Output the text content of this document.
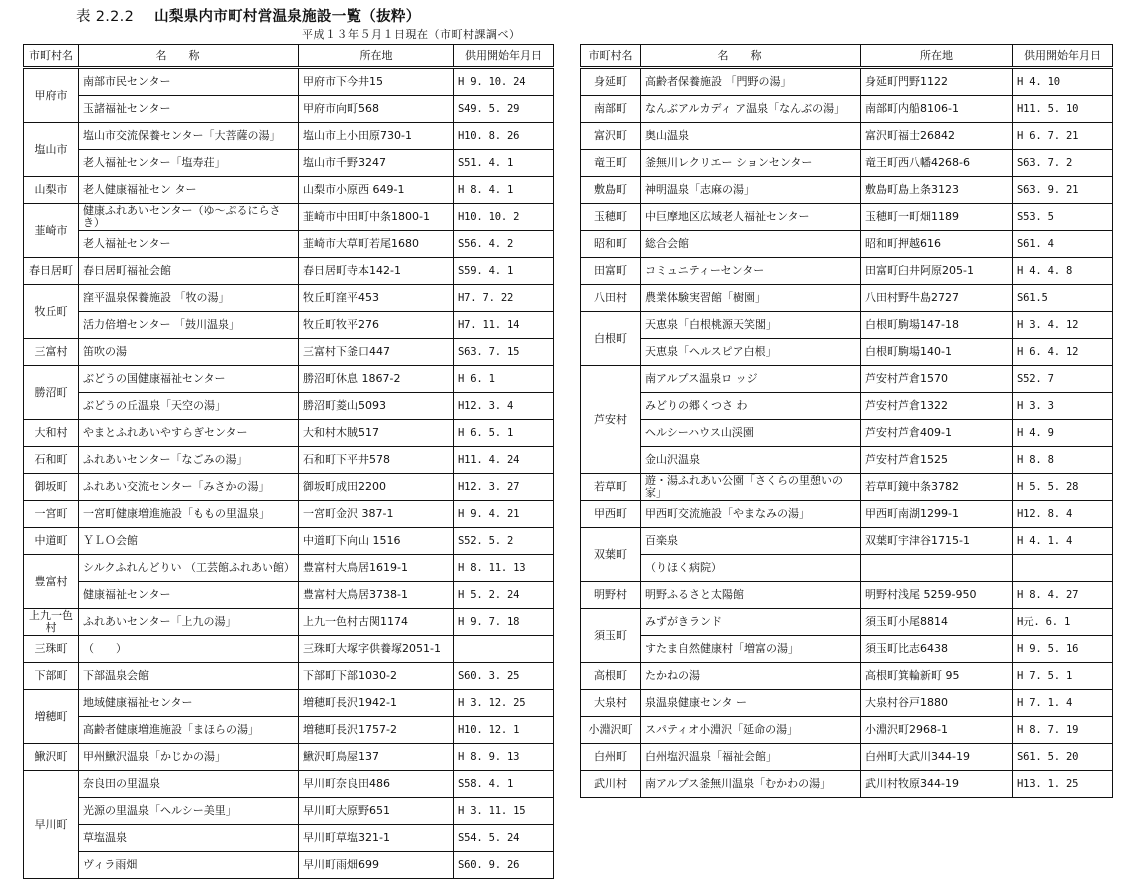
表 2.2.2 山梨県内市町村営温泉施設一覧（抜粋）
平成１３年５月１日現在（市町村課調べ）
市町村名	名称	所在地	供用開始年月日
甲府市	南部市民センター	甲府市下今井15	H 9. 10. 24
	玉諸福祉センター	甲府市向町568	S49. 5. 29
塩山市	塩山市交流保養センター「大菩薩の湯」	塩山市上小田原730-1	H10. 8. 26
	老人福祉センター「塩寿荘」	塩山市千野3247	S51. 4. 1
山梨市	老人健康福祉セン ター	山梨市小原西 649-1	H 8. 4. 1
韮崎市	健康ふれあいセンター（ゆ～ぷるにらさき）	韮崎市中田町中条1800-1	H10. 10. 2
	老人福祉センター	韮崎市大草町若尾1680	S56. 4. 2
春日居町	春日居町福祉会館	春日居町寺本142-1	S59. 4. 1
牧丘町	窪平温泉保養施設 「牧の湯」	牧丘町窪平453	H7. 7. 22
	活力倍増センター 「鼓川温泉」	牧丘町牧平276	H7. 11. 14
三富村	笛吹の湯	三富村下釜口447	S63. 7. 15
勝沼町	ぶどうの国健康福祉センター	勝沼町休息 1867-2	H 6. 1
	ぶどうの丘温泉「天空の湯」	勝沼町菱山5093	H12. 3. 4
大和村	やまとふれあいやすらぎセンター	大和村木賊517	H 6. 5. 1
石和町	ふれあいセンター「なごみの湯」	石和町下平井578	H11. 4. 24
御坂町	ふれあい交流センター「みさかの湯」	御坂町成田2200	H12. 3. 27
一宮町	一宮町健康増進施設「ももの里温泉」	一宮町金沢 387-1	H 9. 4. 21
中道町	ＹＬＯ会館	中道町下向山 1516	S52. 5. 2
豊富村	シルクふれんどりい （工芸館ふれあい館）	豊富村大鳥居1619-1	H 8. 11. 13
	健康福祉センター	豊富村大鳥居3738-1	H 5. 2. 24
上九一色村	ふれあいセンター「上九の湯」	上九一色村古関1174	H 9. 7. 18
三珠町	（　　）	三珠町大塚字供養塚2051-1	
下部町	下部温泉会館	下部町下部1030-2	S60. 3. 25
増穂町	地域健康福祉センター	増穂町長沢1942-1	H 3. 12. 25
	高齢者健康増進施設「まほらの湯」	増穂町長沢1757-2	H10. 12. 1
鰍沢町	甲州鰍沢温泉「かじかの湯」	鰍沢町鳥屋137	H 8. 9. 13
早川町	奈良田の里温泉	早川町奈良田486	S58. 4. 1
	光源の里温泉「ヘルシー美里」	早川町大原野651	H 3. 11. 15
	草塩温泉	早川町草塩321-1	S54. 5. 24
	ヴィラ雨畑	早川町雨畑699	S60. 9. 26
市町村名	名称	所在地	供用開始年月日
身延町	高齢者保養施設 「門野の湯」	身延町門野1122	H 4. 10
南部町	なんぶアルカディ ア温泉「なんぶの湯」	南部町内船8106-1	H11. 5. 10
富沢町	奥山温泉	富沢町福士26842	H 6. 7. 21
竜王町	釜無川レクリエー ションセンター	竜王町西八幡4268-6	S63. 7. 2
敷島町	神明温泉「志麻の湯」	敷島町島上条3123	S63. 9. 21
玉穂町	中巨摩地区広域老人福祉センター	玉穂町一町畑1189	S53. 5
昭和町	総合会館	昭和町押越616	S61. 4
田富町	コミュニティーセンター	田富町臼井阿原205-1	H 4. 4. 8
八田村	農業体験実習館「樹園」	八田村野牛島2727	S61.5
白根町	天恵泉「白根桃源天笑閣」	白根町駒場147-18	H 3. 4. 12
	天恵泉「ヘルスピア白根」	白根町駒場140-1	H 6. 4. 12
芦安村	南アルプス温泉ロ ッジ	芦安村芦倉1570	S52. 7
	みどりの郷くつさ わ	芦安村芦倉1322	H 3. 3
	ヘルシーハウス山渓園	芦安村芦倉409-1	H 4. 9
	金山沢温泉	芦安村芦倉1525	H 8. 8
若草町	遊・湯ふれあい公園「さくらの里憩いの家」	若草町鏡中条3782	H 5. 5. 28
甲西町	甲西町交流施設「やまなみの湯」	甲西町南湖1299-1	H12. 8. 4
双葉町	百楽泉	双葉町宇津谷1715-1	H 4. 1. 4
	（りほく病院）		
明野村	明野ふるさと太陽館	明野村浅尾 5259-950	H 8. 4. 27
須玉町	みずがきランド	須玉町小尾8814	H元. 6. 1
	すたま自然健康村「増富の湯」	須玉町比志6438	H 9. 5. 16
高根町	たかねの湯	高根町箕輪新町 95	H 7. 5. 1
大泉村	泉温泉健康センタ ー	大泉村谷戸1880	H 7. 1. 4
小淵沢町	スパティオ小淵沢「延命の湯」	小淵沢町2968-1	H 8. 7. 19
白州町	白州塩沢温泉「福祉会館」	白州町大武川344-19	S61. 5. 20
武川村	南アルプス釜無川温泉「むかわの湯」	武川村牧原344-19	H13. 1. 25
